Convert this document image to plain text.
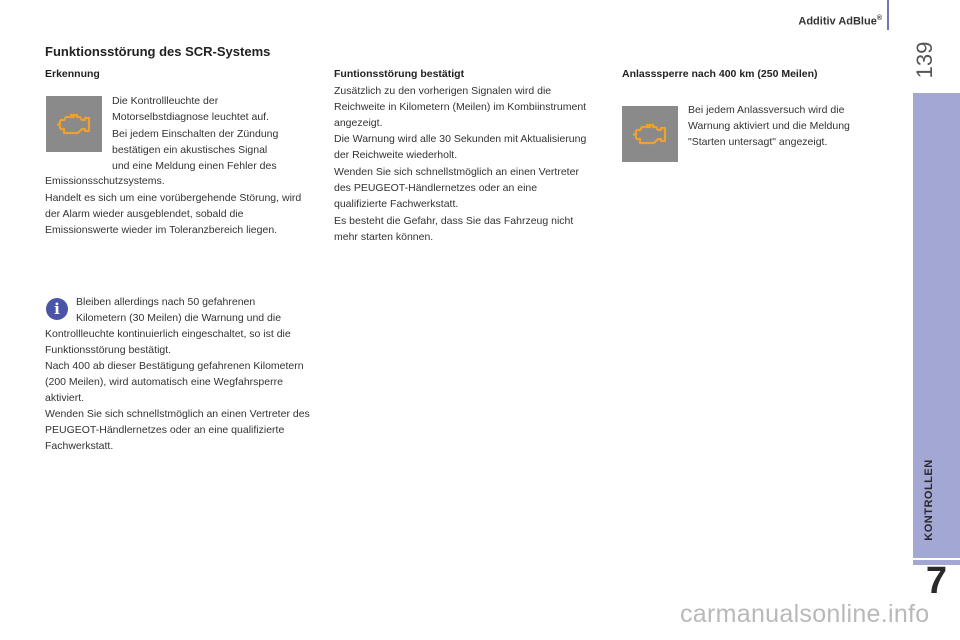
Additiv AdBlue®
139
KONTROLLEN
7
Funktionsstörung des SCR-Systems
Erkennung

Die Kontrollleuchte der

Motorselbstdiagnose leuchtet auf.

Bei jedem Einschalten der Zündung

bestätigen ein akustisches Signal

und eine Meldung einen Fehler des

Emissionsschutzsystems.

Handelt es sich um eine vorübergehende Störung, wird der Alarm wieder ausgeblendet, sobald die Emissionswerte wieder im Toleranzbereich liegen.

i	Bleiben allerdings nach 50 gefahrenen

Kilometern (30 Meilen) die Warnung und die

Kontrollleuchte kontinuierlich eingeschaltet, so ist die Funktionsstörung bestätigt.

Nach 400 ab dieser Bestätigung gefahrenen Kilometern (200 Meilen), wird automatisch eine Wegfahrsperre aktiviert.

Wenden Sie sich schnellstmöglich an einen Vertreter des PEUGEOT-Händlernetzes oder an eine qualifizierte Fachwerkstatt.

Funtionsstörung bestätigt

Zusätzlich zu den vorherigen Signalen wird die Reichweite in Kilometern (Meilen) im Kombiinstrument angezeigt.

Die Warnung wird alle 30 Sekunden mit Aktualisierung der Reichweite wiederholt.

Wenden Sie sich schnellstmöglich an einen Vertreter des PEUGEOT-Händlernetzes oder an eine qualifizierte Fachwerkstatt.

Es besteht die Gefahr, dass Sie das Fahrzeug nicht mehr starten können.

Anlasssperre nach 400 km (250 Meilen)

Bei jedem Anlassversuch wird die Warnung aktiviert und die Meldung "Starten untersagt" angezeigt.

carmanualsonline.info
